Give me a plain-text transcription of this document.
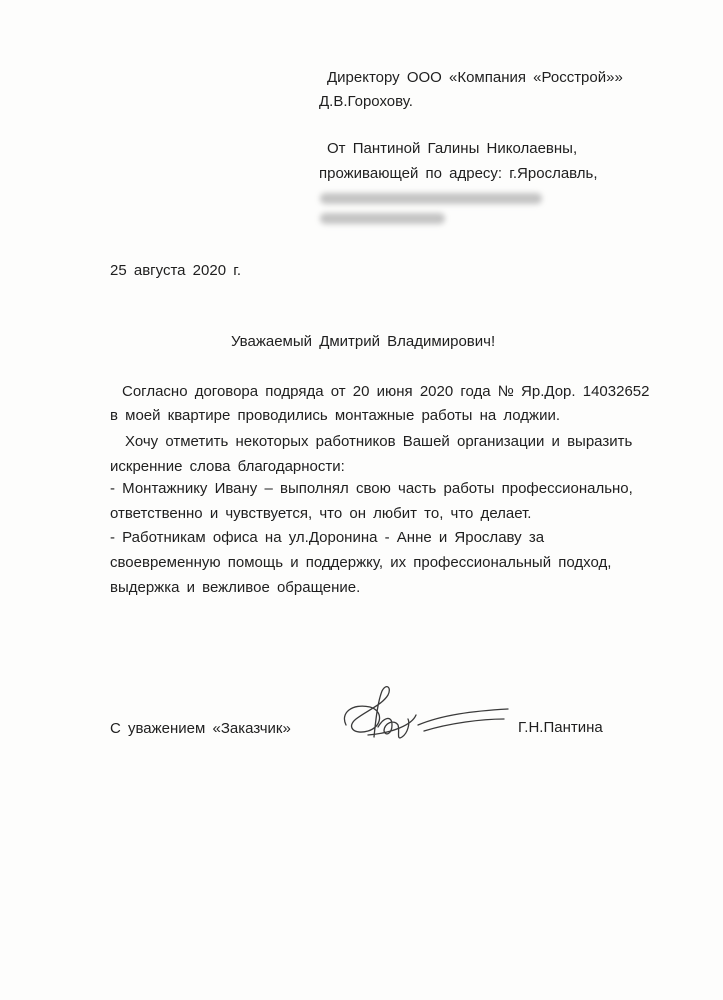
Директору ООО «Компания «Росстрой»»
Д.В.Горохову.
От Пантиной Галины Николаевны,
проживающей по адресу: г.Ярославль,
25 августа 2020 г.
Уважаемый Дмитрий Владимирович!
Согласно договора подряда от 20 июня 2020 года № Яр.Дор. 14032652
в моей квартире проводились монтажные работы на лоджии.
Хочу отметить некоторых работников Вашей организации и выразить
искренние слова благодарности:
- Монтажнику Ивану – выполнял свою часть работы профессионально,
ответственно и чувствуется, что он любит то, что делает.
- Работникам офиса на ул.Доронина - Анне и Ярославу за
своевременную помощь и поддержку, их профессиональный подход,
выдержка и вежливое обращение.
С уважением «Заказчик»	Г.Н.Пантина
